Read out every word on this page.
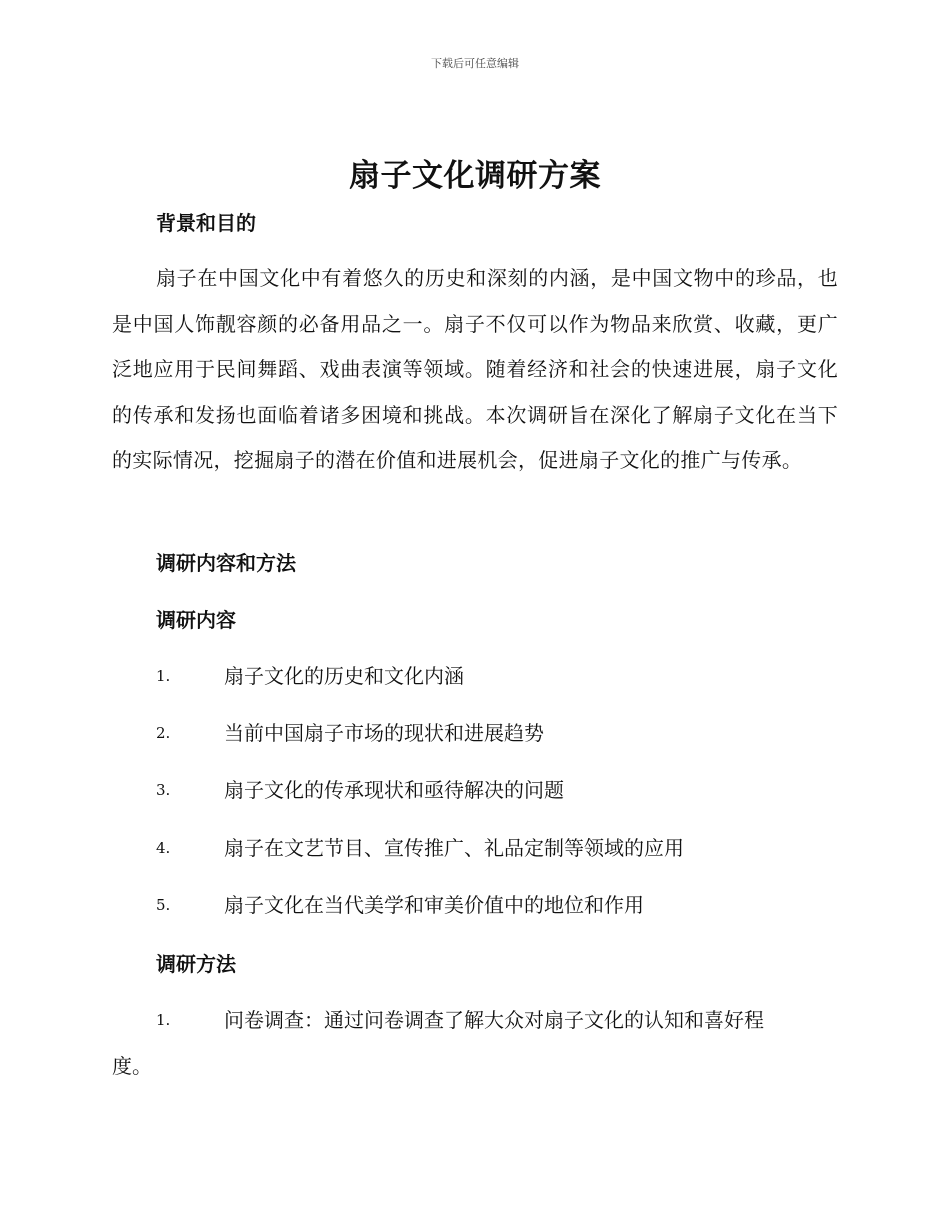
下载后可任意编辑
扇子文化调研方案
背景和目的
扇子在中国文化中有着悠久的历史和深刻的内涵，是中国文物中的珍品，也是中国人饰靓容颜的必备用品之一。扇子不仅可以作为物品来欣赏、收藏，更广泛地应用于民间舞蹈、戏曲表演等领域。随着经济和社会的快速进展，扇子文化的传承和发扬也面临着诸多困境和挑战。本次调研旨在深化了解扇子文化在当下的实际情况，挖掘扇子的潜在价值和进展机会，促进扇子文化的推广与传承。
调研内容和方法
调研内容
1.	扇子文化的历史和文化内涵
2.	当前中国扇子市场的现状和进展趋势
3.	扇子文化的传承现状和亟待解决的问题
4.	扇子在文艺节目、宣传推广、礼品定制等领域的应用
5.	扇子文化在当代美学和审美价值中的地位和作用
调研方法
1.	问卷调查：通过问卷调查了解大众对扇子文化的认知和喜好程
度。
